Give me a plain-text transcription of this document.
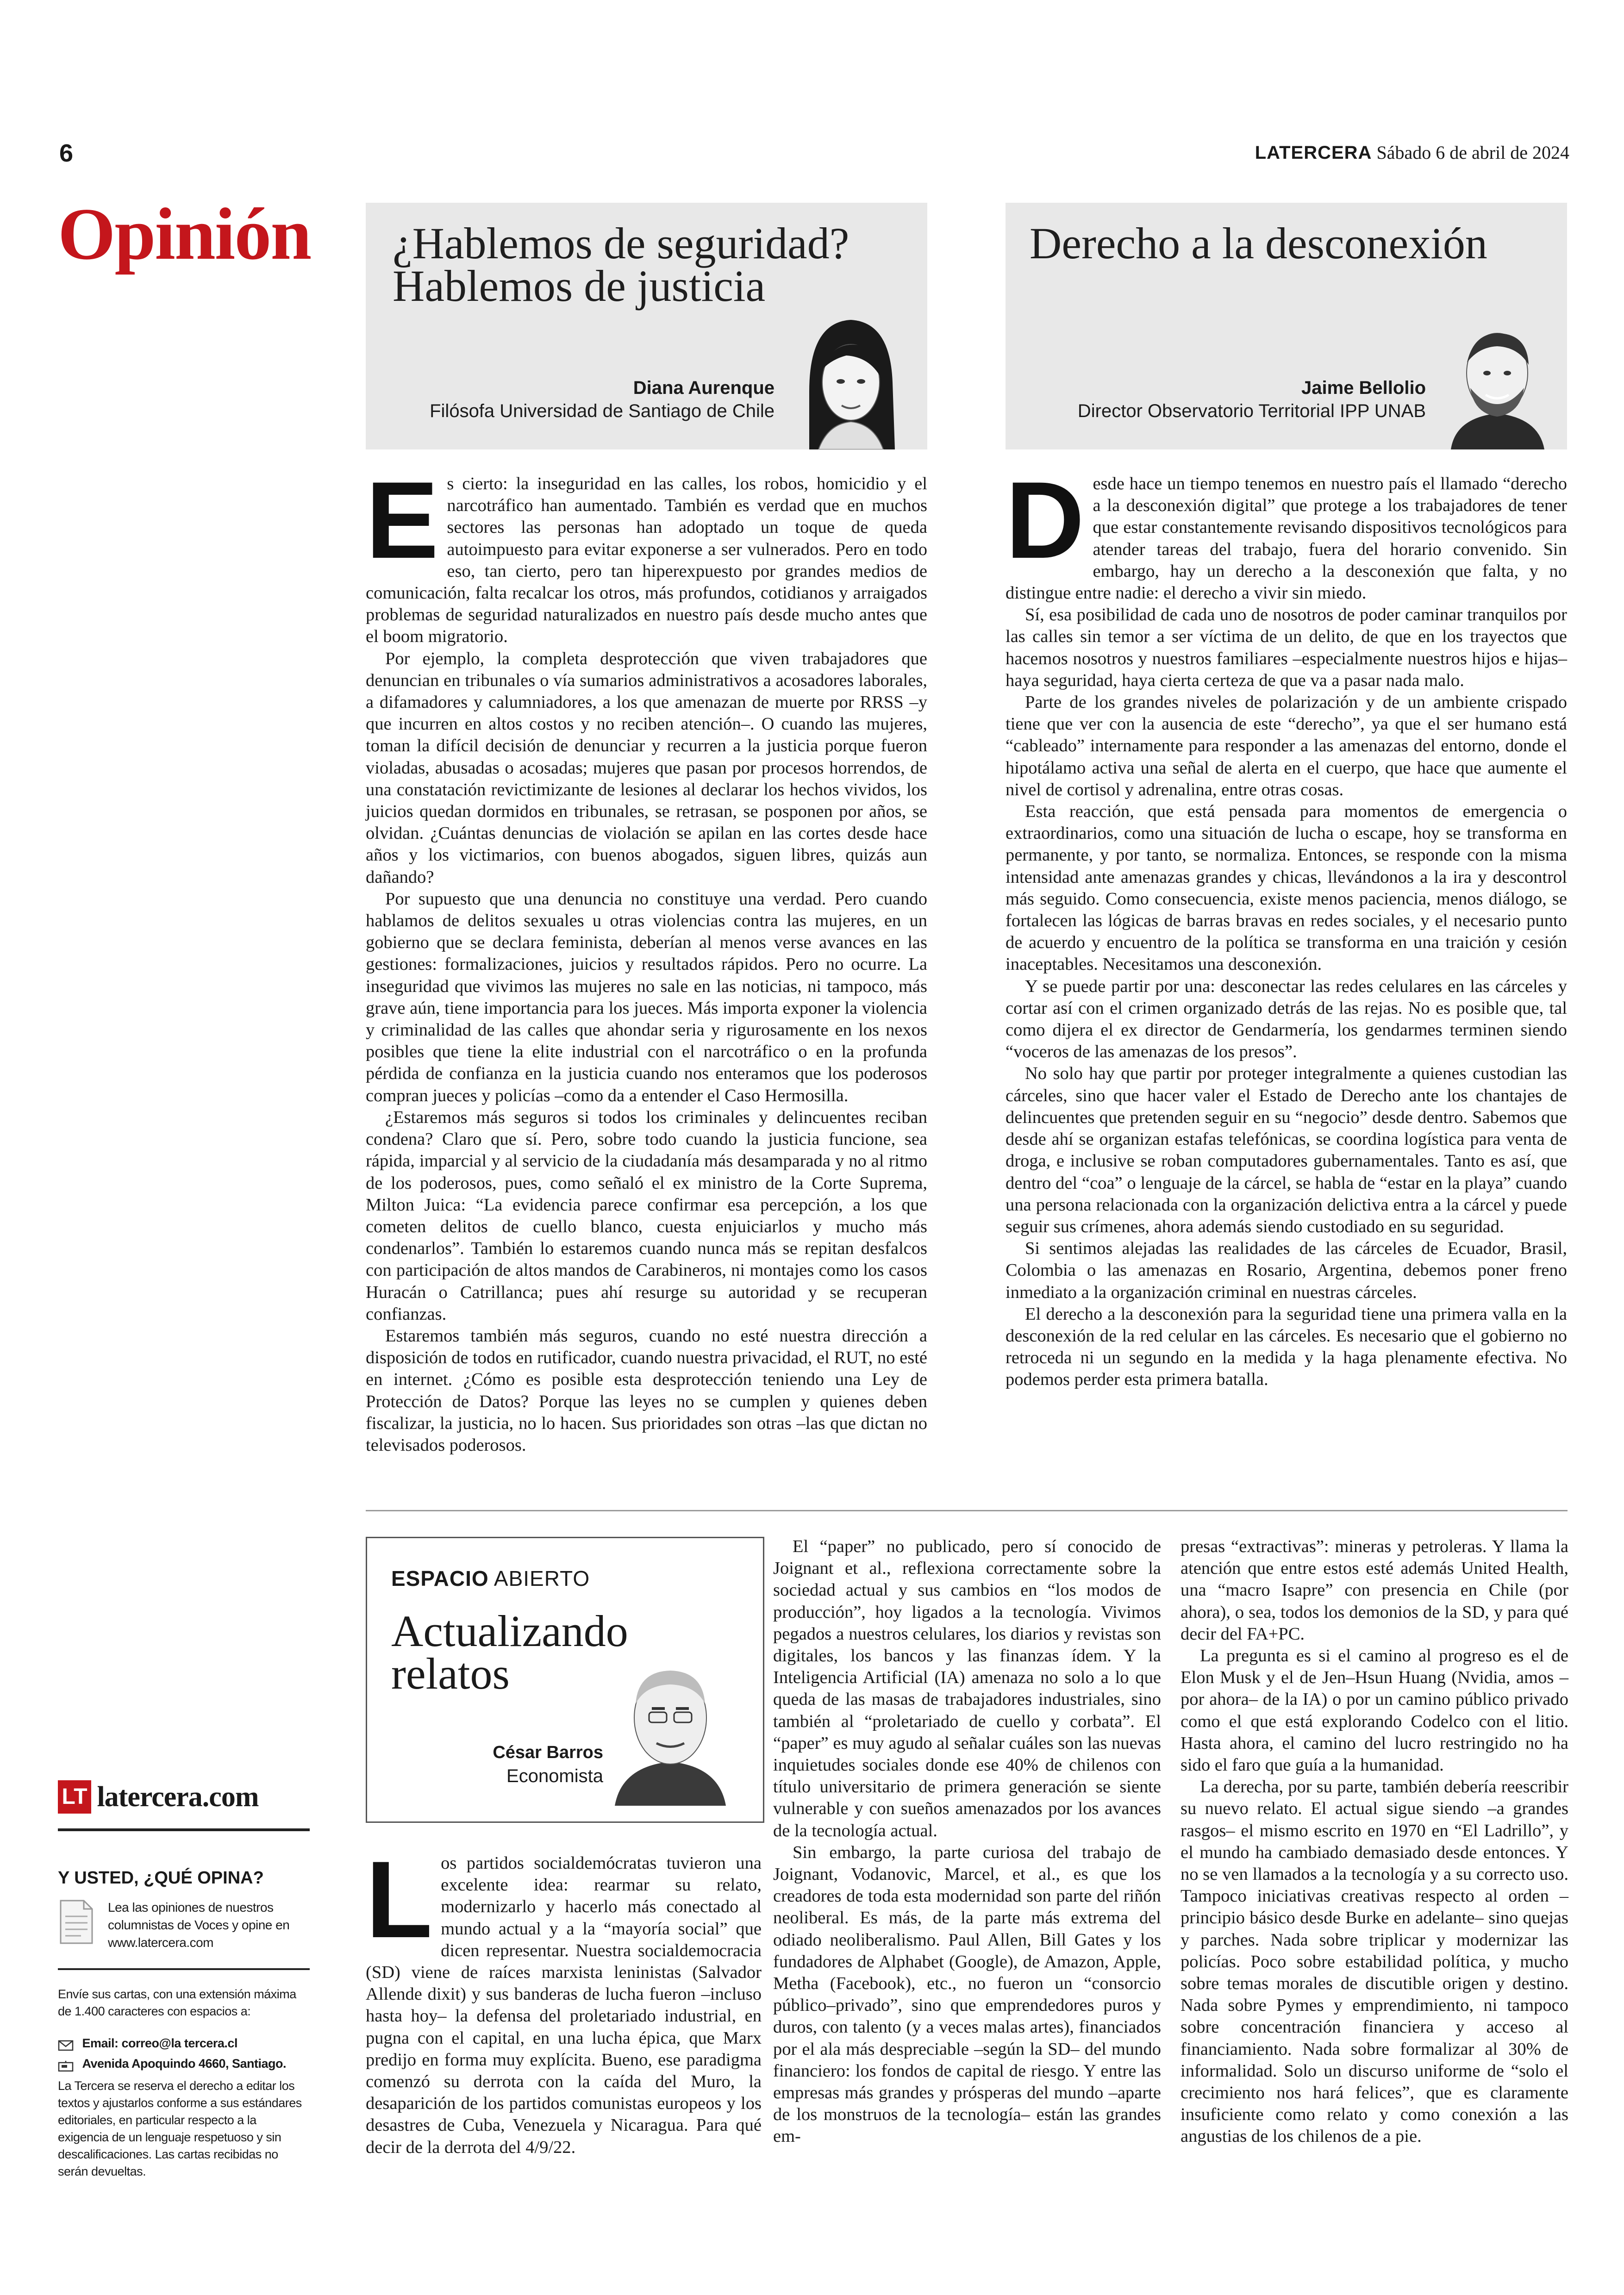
6	LATERCERA Sábado 6 de abril de 2024
Opinión ¿Hablemos de seguridad?
Hablemos de justicia
Diana Aurenque
Filósofa Universidad de Santiago de Chile
Derecho a la desconexión
Jaime Bellolio
Director Observatorio Territorial IPP UNAB
E s cierto: la inseguridad en las calles, los robos, homicidio y el narcotráfico han aumentado. También es verdad que en muchos sectores las personas han adoptado un toque de queda autoimpuesto para evitar exponerse a ser vulnerados. Pero en todo eso, tan cierto, pero tan hiperexpuesto por grandes medios de comunicación, falta recalcar los otros, más profundos, cotidianos y arraigados problemas de seguridad naturalizados en nuestro país desde mucho antes que el boom migratorio.

Por ejemplo, la completa desprotección que viven trabajadores que denuncian en tribunales o vía sumarios administrativos a acosadores laborales, a difamadores y calumniadores, a los que amenazan de muerte por RRSS –y que incurren en altos costos y no reciben atención–. O cuando las mujeres, toman la difícil decisión de denunciar y recurren a la justicia porque fueron violadas, abusadas o acosadas; mujeres que pasan por procesos horrendos, de una constatación revictimizante de lesiones al declarar los hechos vividos, los juicios quedan dormidos en tribunales, se retrasan, se posponen por años, se olvidan. ¿Cuántas denuncias de violación se apilan en las cortes desde hace años y los victimarios, con buenos abogados, siguen libres, quizás aun dañando?

Por supuesto que una denuncia no constituye una verdad. Pero cuando hablamos de delitos sexuales u otras violencias contra las mujeres, en un gobierno que se declara feminista, deberían al menos verse avances en las gestiones: formalizaciones, juicios y resultados rápidos. Pero no ocurre. La inseguridad que vivimos las mujeres no sale en las noticias, ni tampoco, más grave aún, tiene importancia para los jueces. Más importa exponer la violencia y criminalidad de las calles que ahondar seria y rigurosamente en los nexos posibles que tiene la elite industrial con el narcotráfico o en la profunda pérdida de confianza en la justicia cuando nos enteramos que los poderosos compran jueces y policías –como da a entender el Caso Hermosilla.

¿Estaremos más seguros si todos los criminales y delincuentes reciban condena? Claro que sí. Pero, sobre todo cuando la justicia funcione, sea rápida, imparcial y al servicio de la ciudadanía más desamparada y no al ritmo de los poderosos, pues, como señaló el ex ministro de la Corte Suprema, Milton Juica: “La evidencia parece confirmar esa percepción, a los que cometen delitos de cuello blanco, cuesta enjuiciarlos y mucho más condenarlos”. También lo estaremos cuando nunca más se repitan desfalcos con participación de altos mandos de Carabineros, ni montajes como los casos Huracán o Catrillanca; pues ahí resurge su autoridad y se recuperan confianzas.

Estaremos también más seguros, cuando no esté nuestra dirección a disposición de todos en rutificador, cuando nuestra privacidad, el RUT, no esté en internet. ¿Cómo es posible esta desprotección teniendo una Ley de Protección de Datos? Porque las leyes no se cumplen y quienes deben fiscalizar, la justicia, no lo hacen. Sus prioridades son otras –las que dictan no televisados poderosos.

D esde hace un tiempo tenemos en nuestro país el llamado “derecho a la desconexión digital” que protege a los trabajadores de tener que estar constantemente revisando dispositivos tecnológicos para atender tareas del trabajo, fuera del horario convenido. Sin embargo, hay un derecho a la desconexión que falta, y no distingue entre nadie: el derecho a vivir sin miedo.

Sí, esa posibilidad de cada uno de nosotros de poder caminar tranquilos por las calles sin temor a ser víctima de un delito, de que en los trayectos que hacemos nosotros y nuestros familiares –especialmente nuestros hijos e hijas– haya seguridad, haya cierta certeza de que va a pasar nada malo.

Parte de los grandes niveles de polarización y de un ambiente crispado tiene que ver con la ausencia de este “derecho”, ya que el ser humano está “cableado” internamente para responder a las amenazas del entorno, donde el hipotálamo activa una señal de alerta en el cuerpo, que hace que aumente el nivel de cortisol y adrenalina, entre otras cosas.

Esta reacción, que está pensada para momentos de emergencia o extraordinarios, como una situación de lucha o escape, hoy se transforma en permanente, y por tanto, se normaliza. Entonces, se responde con la misma intensidad ante amenazas grandes y chicas, llevándonos a la ira y descontrol más seguido. Como consecuencia, existe menos paciencia, menos diálogo, se fortalecen las lógicas de barras bravas en redes sociales, y el necesario punto de acuerdo y encuentro de la política se transforma en una traición y cesión inaceptables. Necesitamos una desconexión.

Y se puede partir por una: desconectar las redes celulares en las cárceles y cortar así con el crimen organizado detrás de las rejas. No es posible que, tal como dijera el ex director de Gendarmería, los gendarmes terminen siendo “voceros de las amenazas de los presos”.

No solo hay que partir por proteger integralmente a quienes custodian las cárceles, sino que hacer valer el Estado de Derecho ante los chantajes de delincuentes que pretenden seguir en su “negocio” desde dentro. Sabemos que desde ahí se organizan estafas telefónicas, se coordina logística para venta de droga, e inclusive se roban computadores gubernamentales. Tanto es así, que dentro del “coa” o lenguaje de la cárcel, se habla de “estar en la playa” cuando una persona relacionada con la organización delictiva entra a la cárcel y puede seguir sus crímenes, ahora además siendo custodiado en su seguridad.

Si sentimos alejadas las realidades de las cárceles de Ecuador, Brasil, Colombia o las amenazas en Rosario, Argentina, debemos poner freno inmediato a la organización criminal en nuestras cárceles.

El derecho a la desconexión para la seguridad tiene una primera valla en la desconexión de la red celular en las cárceles. Es necesario que el gobierno no retroceda ni un segundo en la medida y la haga plenamente efectiva. No podemos perder esta primera batalla.

ESPACIO ABIERTO
Actualizando
relatos
César Barros
Economista
L os partidos socialdemócratas tuvieron una excelente idea: rearmar su relato, modernizarlo y hacerlo más conectado al mundo actual y a la “mayoría social” que dicen representar. Nuestra socialdemocracia (SD) viene de raíces marxista leninistas (Salvador Allende dixit) y sus banderas de lucha fueron –incluso hasta hoy– la defensa del proletariado industrial, en pugna con el capital, en una lucha épica, que Marx predijo en forma muy explícita. Bueno, ese paradigma comenzó su derrota con la caída del Muro, la desaparición de los partidos comunistas europeos y los desastres de Cuba, Venezuela y Nicaragua. Para qué decir de la derrota del 4/9/22.

El “paper” no publicado, pero sí conocido de Joignant et al., reflexiona correctamente sobre la sociedad actual y sus cambios en “los modos de producción”, hoy ligados a la tecnología. Vivimos pegados a nuestros celulares, los diarios y revistas son digitales, los bancos y las finanzas ídem. Y la Inteligencia Artificial (IA) amenaza no solo a lo que queda de las masas de trabajadores industriales, sino también al “proletariado de cuello y corbata”. El “paper” es muy agudo al señalar cuáles son las nuevas inquietudes sociales donde ese 40% de chilenos con título universitario de primera generación se siente vulnerable y con sueños amenazados por los avances de la tecnología actual.

Sin embargo, la parte curiosa del trabajo de Joignant, Vodanovic, Marcel, et al., es que los creadores de toda esta modernidad son parte del riñón neoliberal. Es más, de la parte más extrema del odiado neoliberalismo. Paul Allen, Bill Gates y los fundadores de Alphabet (Google), de Amazon, Apple, Metha (Facebook), etc., no fueron un “consorcio público–privado”, sino que emprendedores puros y duros, con talento (y a veces malas artes), financiados por el ala más despreciable –según la SD– del mundo financiero: los fondos de capital de riesgo. Y entre las empresas más grandes y prósperas del mundo –aparte de los monstruos de la tecnología– están las grandes em-

presas “extractivas”: mineras y petroleras. Y llama la atención que entre estos esté además United Health, una “macro Isapre” con presencia en Chile (por ahora), o sea, todos los demonios de la SD, y para qué decir del FA+PC.

La pregunta es si el camino al progreso es el de Elon Musk y el de Jen–Hsun Huang (Nvidia, amos –por ahora– de la IA) o por un camino público privado como el que está explorando Codelco con el litio. Hasta ahora, el camino del lucro restringido no ha sido el faro que guía a la humanidad.

La derecha, por su parte, también debería reescribir su nuevo relato. El actual sigue siendo –a grandes rasgos– el mismo escrito en 1970 en “El Ladrillo”, y el mundo ha cambiado demasiado desde entonces. Y no se ven llamados a la tecnología y a su correcto uso. Tampoco iniciativas creativas respecto al orden –principio básico desde Burke en adelante– sino quejas y parches. Nada sobre triplicar y modernizar las policías. Poco sobre estabilidad política, y mucho sobre temas morales de discutible origen y destino. Nada sobre Pymes y emprendimiento, ni tampoco sobre concentración financiera y acceso al financiamiento. Nada sobre formalizar al 30% de informalidad. Solo un discurso uniforme de “solo el crecimiento nos hará felices”, que es claramente insuficiente como relato y como conexión a las angustias de los chilenos de a pie.

LT latercera.com
Y USTED, ¿QUÉ OPINA?
Lea las opiniones de nuestros columnistas de Voces y opine en www.latercera.com
Envíe sus cartas, con una extensión máxima de 1.400 caracteres con espacios a:
Email: correo@la tercera.cl
Avenida Apoquindo 4660, Santiago.
La Tercera se reserva el derecho a editar los textos y ajustarlos conforme a sus estándares editoriales, en particular respecto a la exigencia de un lenguaje respetuoso y sin descalificaciones. Las cartas recibidas no serán devueltas.
